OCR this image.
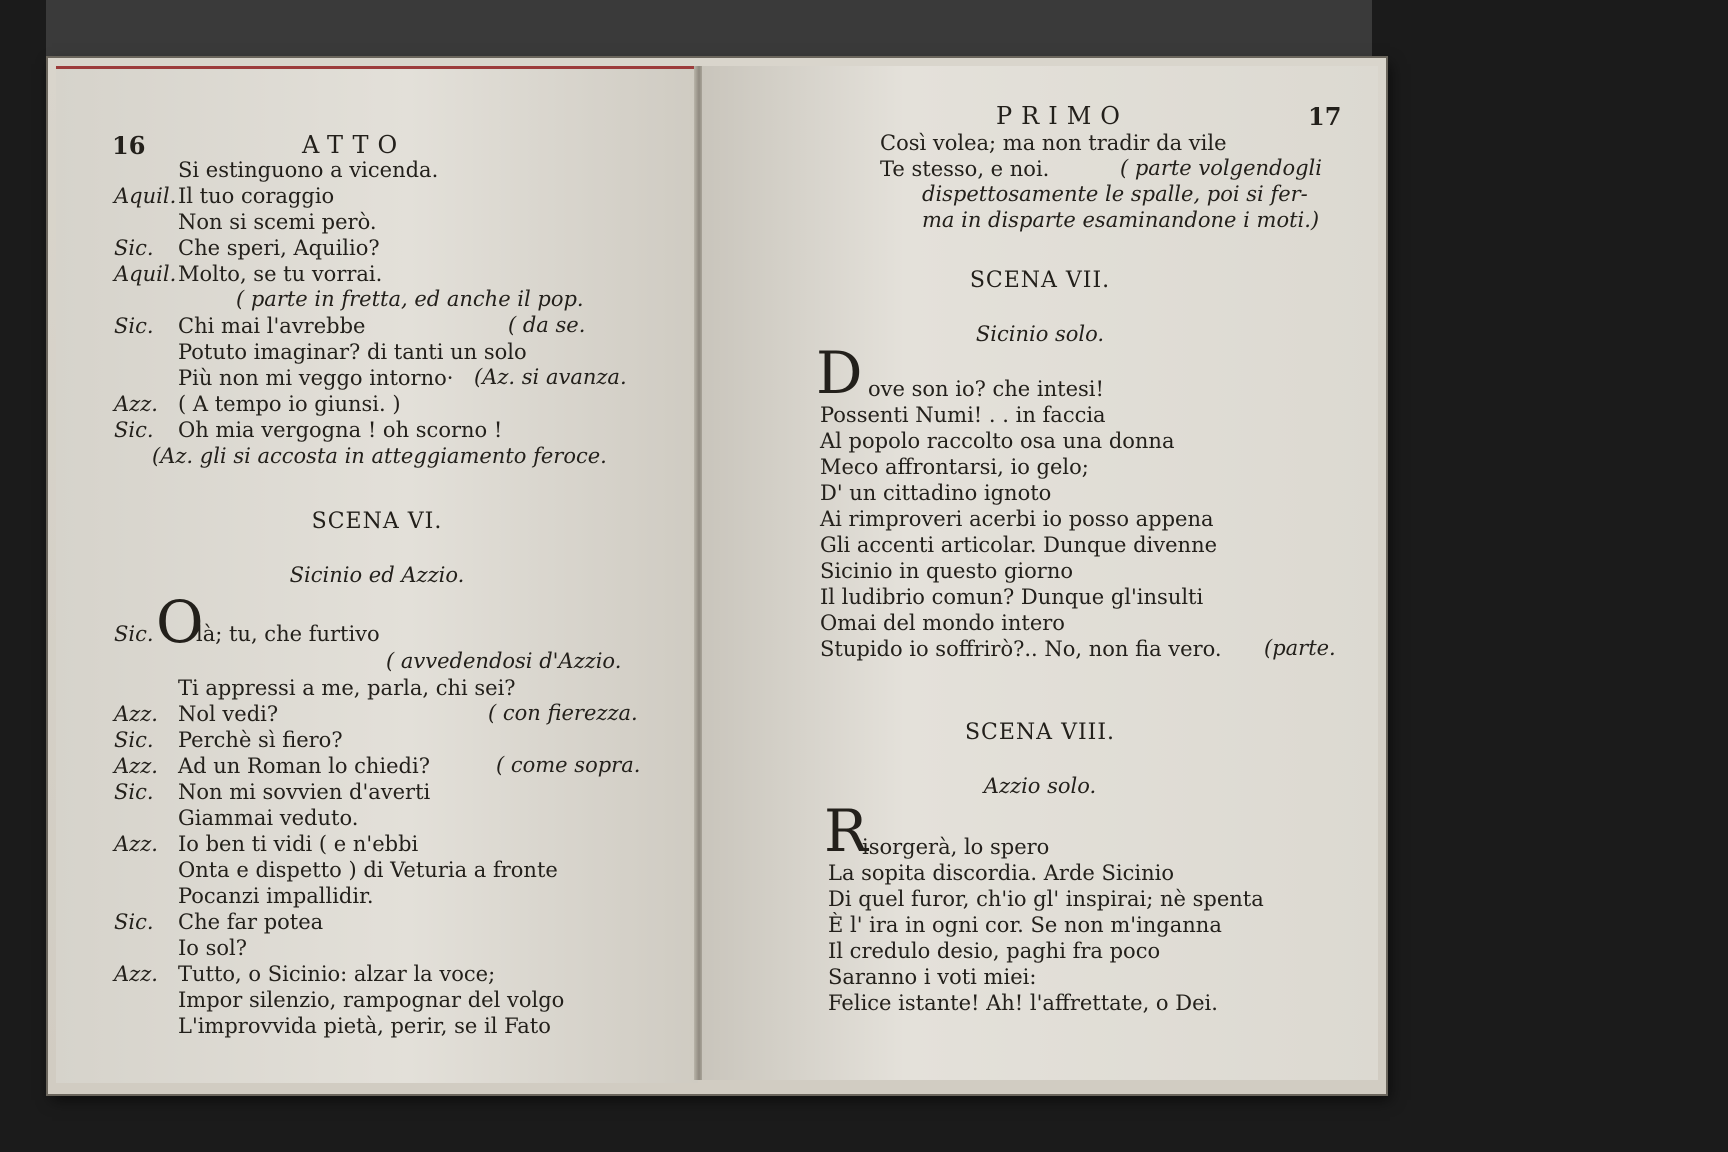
16	ATTO
Si estinguono a vicenda.
Aquil.Il tuo coraggio
Non si scemi però.
Sic. Che speri, Aquilio?
Aquil.Molto, se tu vorrai.
( parte in fretta, ed anche il pop.
Sic. Chi mai l'avrebbe	( da se.
Potuto imaginar? di tanti un solo
Più non mi veggo intorno· (Az. si avanza.
Azz. ( A tempo io giunsi. )
Sic. Oh mia vergogna ! oh scorno !
(Az. gli si accosta in atteggiamento feroce.
SCENA VI.
Sicinio ed Azzio.
Sic. O
là; tu, che furtivo
( avvedendosi d'Azzio.
Ti appressi a me, parla, chi sei?
Azz. Nol vedi?	( con fierezza.
Sic. Perchè sì fiero?
Azz. Ad un Roman lo chiedi?	( come sopra.
Sic. Non mi sovvien d'averti
Giammai veduto.
Azz. Io ben ti vidi ( e n'ebbi
Onta e dispetto ) di Veturia a fronte
Pocanzi impallidir.
Sic. Che far potea
Io sol?
Azz. Tutto, o Sicinio: alzar la voce;
Impor silenzio, rampognar del volgo
L'improvvida pietà, perir, se il Fato
PRIMO	17
Così volea; ma non tradir da vile
Te stesso, e noi.	( parte volgendogli
dispettosamente le spalle, poi si fer-
ma in disparte esaminandone i moti.)
SCENA VII.
Sicinio solo.
D ove son io? che intesi!
Possenti Numi! . . in faccia
Al popolo raccolto osa una donna
Meco affrontarsi, io gelo;
D' un cittadino ignoto
Ai rimproveri acerbi io posso appena
Gli accenti articolar. Dunque divenne
Sicinio in questo giorno
Il ludibrio comun? Dunque gl'insulti
Omai del mondo intero
Stupido io soffrirò?.. No, non fia vero. (parte.
SCENA VIII.
Azzio solo.
R
isorgerà, lo spero
La sopita discordia. Arde Sicinio
Di quel furor, ch'io gl' inspirai; nè spenta
È l' ira in ogni cor. Se non m'inganna
Il credulo desio, paghi fra poco
Saranno i voti miei:
Felice istante! Ah! l'affrettate, o Dei.
